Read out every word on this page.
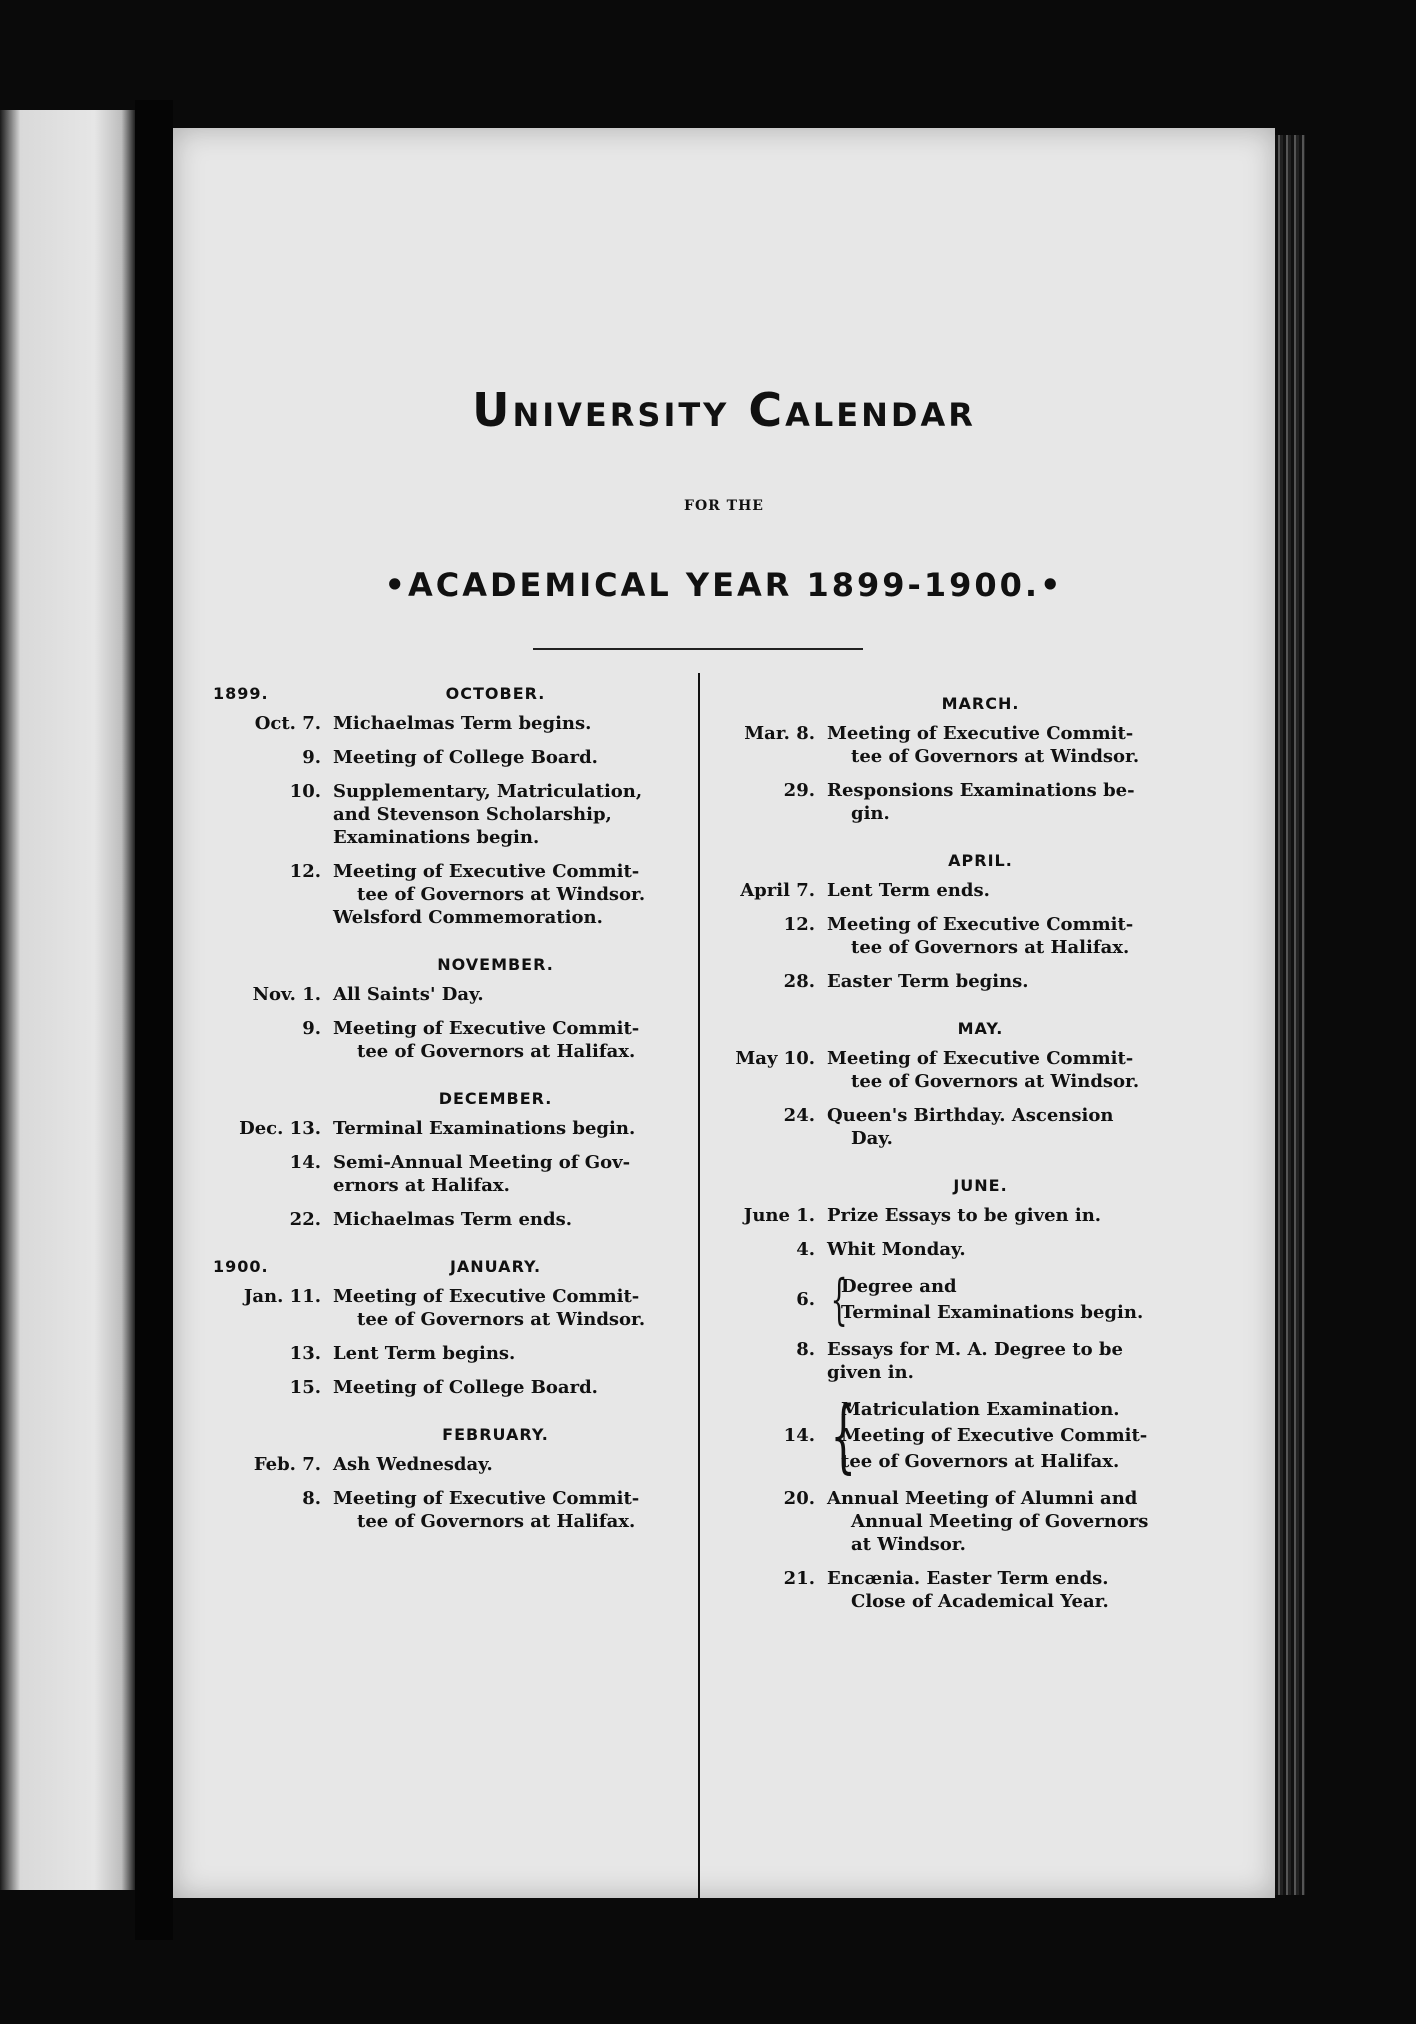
University Calendar
FOR THE
•ACADEMICAL YEAR 1899-1900.•
1899.	OCTOBER.
Oct. 7. Michaelmas Term begins.
9. Meeting of College Board.
10. Supplementary, Matriculation,
and Stevenson Scholarship,
Examinations begin.
12. Meeting of Executive Commit-
tee of Governors at Windsor.
Welsford Commemoration.
NOVEMBER.
Nov. 1. All Saints' Day.
9. Meeting of Executive Commit-
tee of Governors at Halifax.
DECEMBER.
Dec. 13. Terminal Examinations begin.
14. Semi-Annual Meeting of Gov-
ernors at Halifax.
22. Michaelmas Term ends.
1900.	JANUARY.
Jan. 11. Meeting of Executive Commit-
tee of Governors at Windsor.
13. Lent Term begins.
15. Meeting of College Board.
FEBRUARY.
Feb. 7. Ash Wednesday.
8. Meeting of Executive Commit-
tee of Governors at Halifax.
MARCH.
Mar. 8. Meeting of Executive Commit-
tee of Governors at Windsor.
29. Responsions Examinations be-
gin.
APRIL.
April 7. Lent Term ends.
12. Meeting of Executive Commit-
tee of Governors at Halifax.
28. Easter Term begins.
MAY.
May 10. Meeting of Executive Commit-
tee of Governors at Windsor.
24. Queen's Birthday. Ascension
Day.
JUNE.
June 1. Prize Essays to be given in.
4. Whit Monday.
6. {
Degree and
Terminal Examinations begin.
8. Essays for M. A. Degree to be
given in.
14. {
Matriculation Examination.
Meeting of Executive Commit-
tee of Governors at Halifax.
20. Annual Meeting of Alumni and
Annual Meeting of Governors
at Windsor.
21. Encænia. Easter Term ends.
Close of Academical Year.
